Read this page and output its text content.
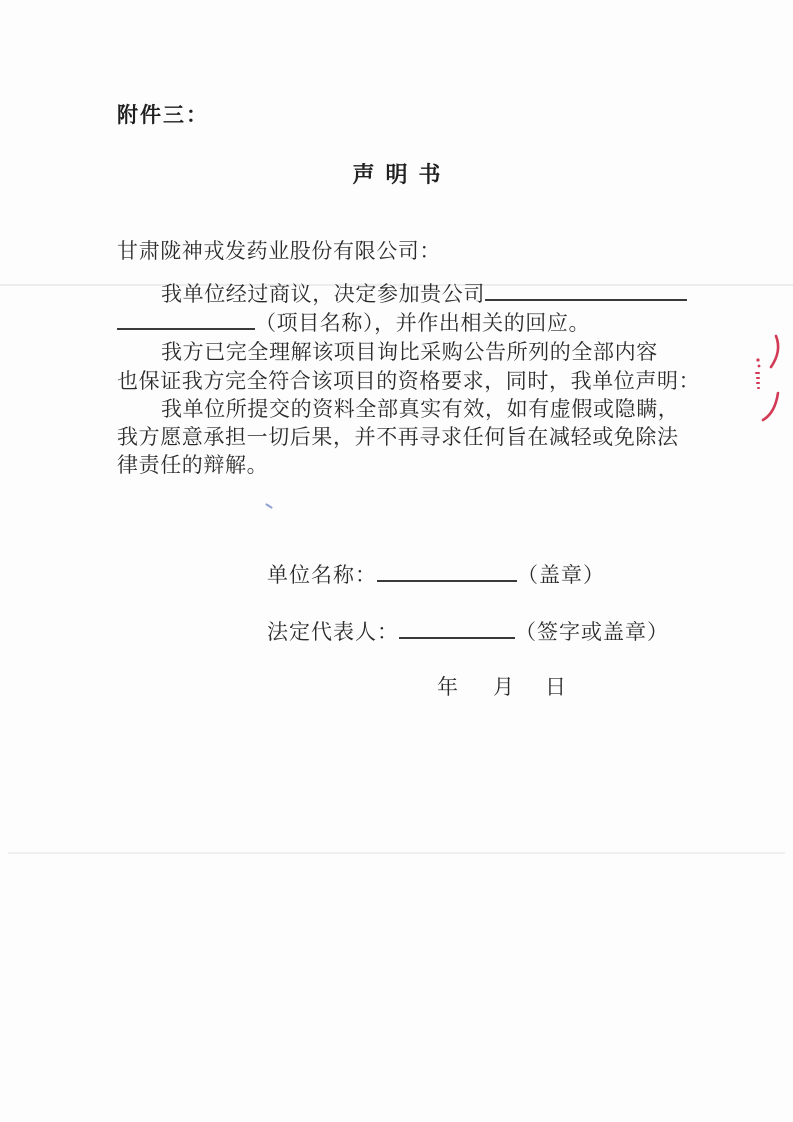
附件三：
声明书
甘肃陇神戎发药业股份有限公司：
我单位经过商议，决定参加贵公司
（项目名称），并作出相关的回应。
我方已完全理解该项目询比采购公告所列的全部内容
也保证我方完全符合该项目的资格要求，同时，我单位声明：
我单位所提交的资料全部真实有效，如有虚假或隐瞒，
我方愿意承担一切后果，并不再寻求任何旨在减轻或免除法
律责任的辩解。
单位名称：	（盖章）
法定代表人：	（签字或盖章）
年 月 日
